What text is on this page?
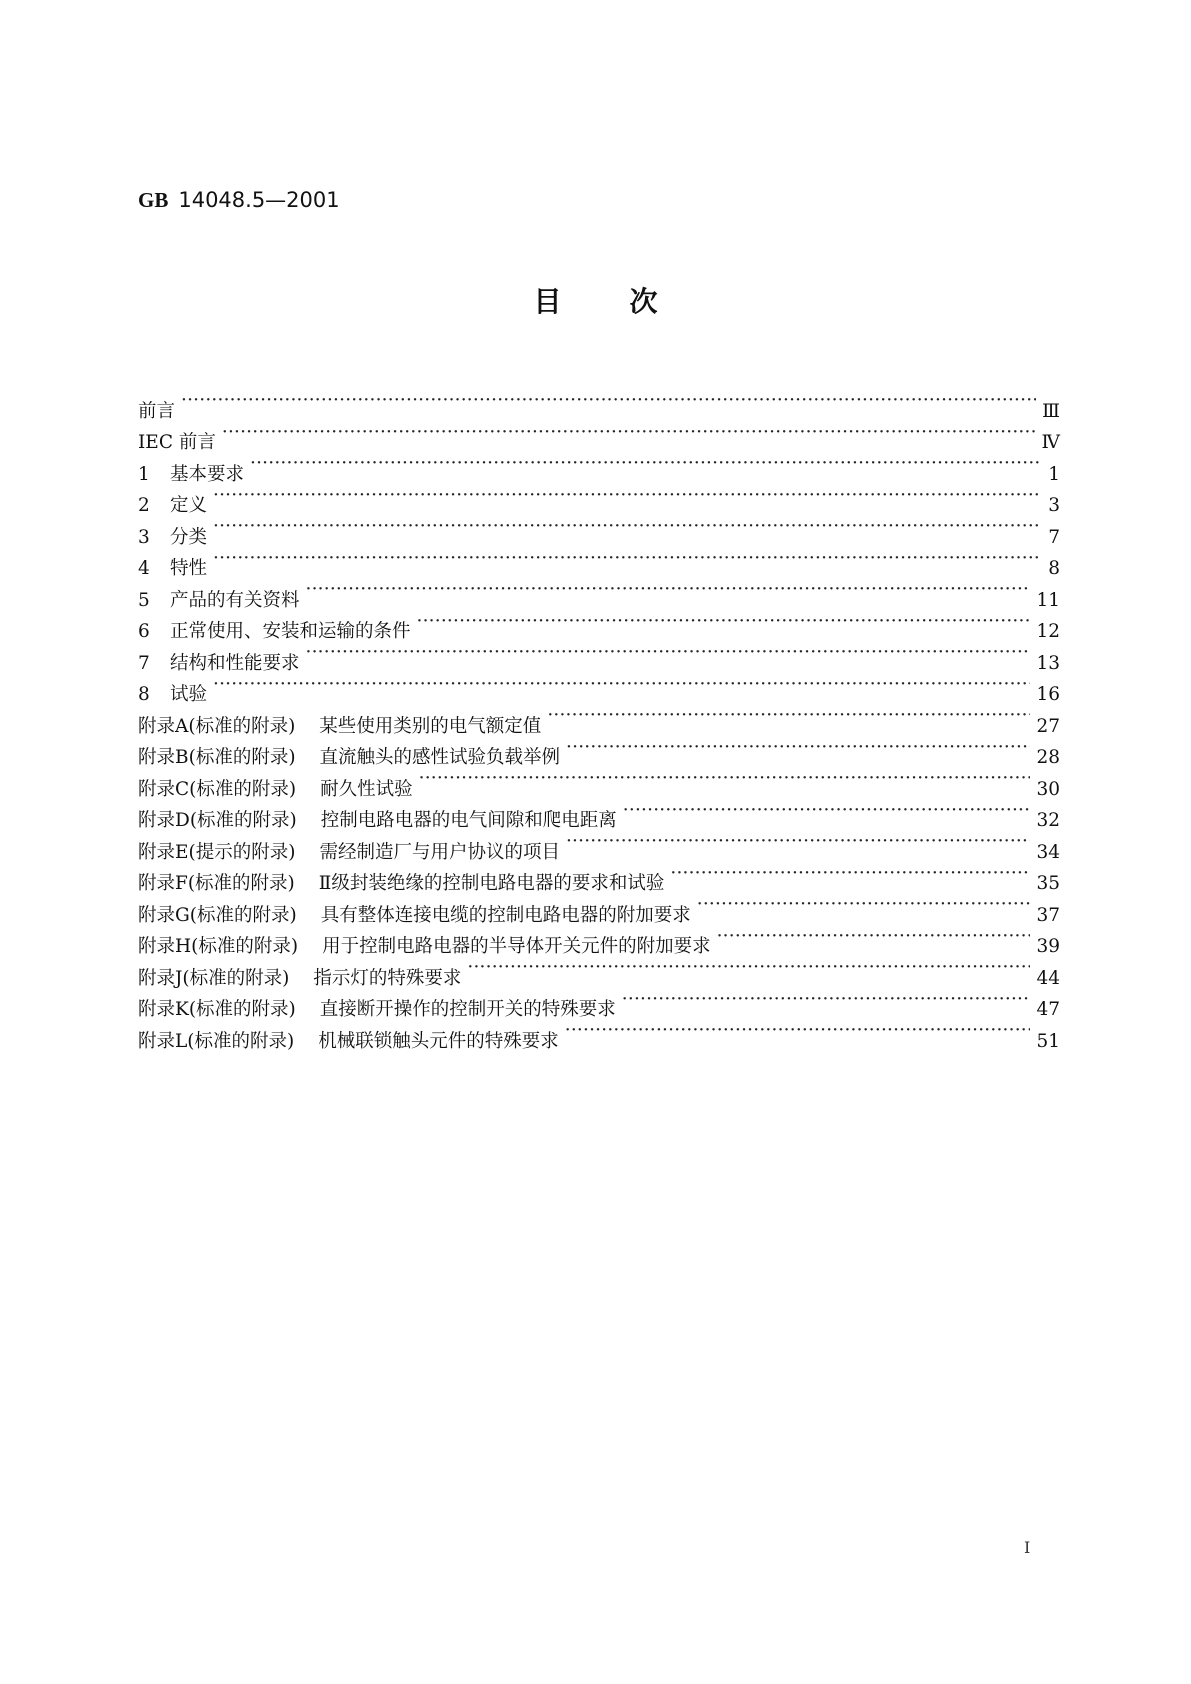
GB 14048.5—2001
目次
前言 ·····	Ⅲ
IEC 前言 ·····	Ⅳ
1	基本要求 ·····	1
2	定义 ·····	3
3	分类 ·····	7
4	特性 ·····	8
5	产品的有关资料 ·····	11
6	正常使用、安装和运输的条件 ·····	12
7	结构和性能要求 ·····	13
8	试验 ·····	16
附录A(标准的附录) 某些使用类别的电气额定值 ·····	27
附录B(标准的附录) 直流触头的感性试验负载举例 ·····	28
附录C(标准的附录) 耐久性试验 ·····	30
附录D(标准的附录) 控制电路电器的电气间隙和爬电距离 ·····	32
附录E(提示的附录) 需经制造厂与用户协议的项目 ·····	34
附录F(标准的附录) Ⅱ级封装绝缘的控制电路电器的要求和试验 ·····	35
附录G(标准的附录) 具有整体连接电缆的控制电路电器的附加要求 ·····	37
附录H(标准的附录) 用于控制电路电器的半导体开关元件的附加要求 ·····	39
附录J(标准的附录) 指示灯的特殊要求 ·····	44
附录K(标准的附录) 直接断开操作的控制开关的特殊要求 ·····	47
附录L(标准的附录) 机械联锁触头元件的特殊要求 ·····	51
I
